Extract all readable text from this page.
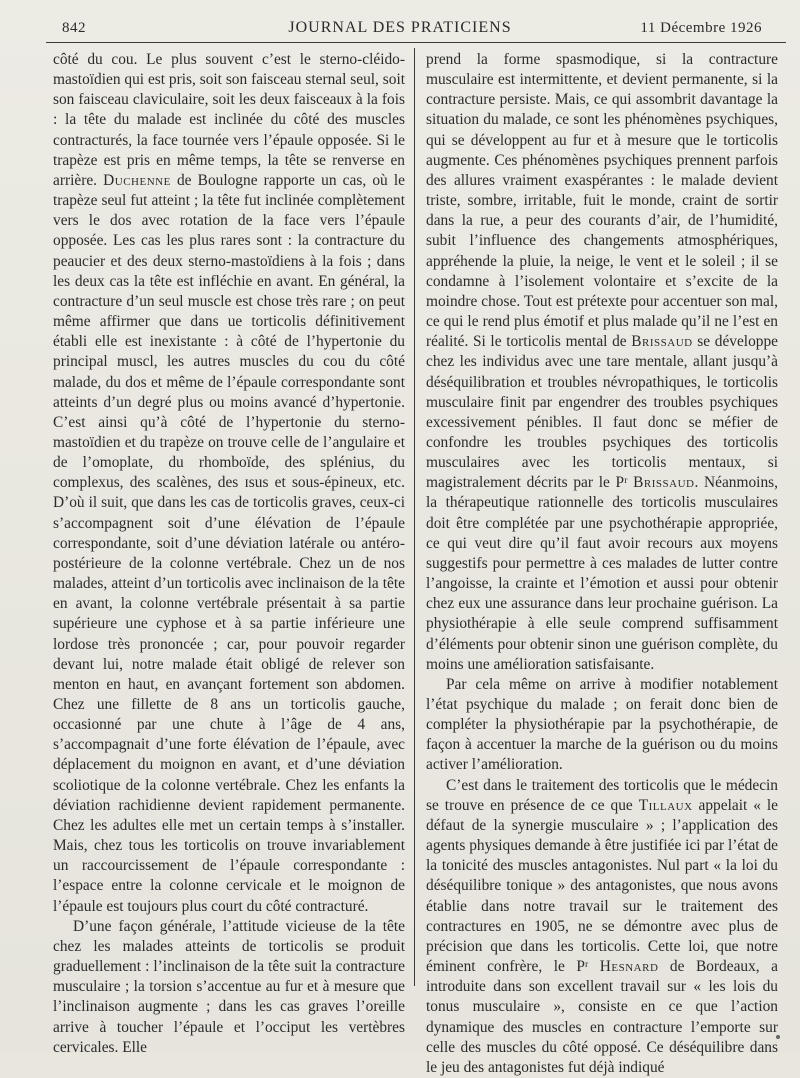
842	JOURNAL DES PRATICIENS	11 Décembre 1926

côté du cou. Le plus souvent c’est le sterno-cléido-mastoïdien qui est pris, soit son faisceau sternal seul, soit son faisceau claviculaire, soit les deux faisceaux à la fois : la tête du malade est inclinée du côté des muscles contracturés, la face tournée vers l’épaule opposée. Si le trapèze est pris en même temps, la tête se renverse en arrière. Duchenne de Boulogne rapporte un cas, où le trapèze seul fut atteint ; la tête fut inclinée complètement vers le dos avec rotation de la face vers l’épaule opposée. Les cas les plus rares sont : la contracture du peaucier et des deux sterno-mastoïdiens à la fois ; dans les deux cas la tête est infléchie en avant. En général, la contracture d’un seul muscle est chose très rare ; on peut même affirmer que dans ue torticolis définitivement établi elle est inexistante : à côté de l’hypertonie du principal muscl, les autres muscles du cou du côté malade, du dos et même de l’épaule correspondante sont atteints d’un degré plus ou moins avancé d’hypertonie. C’est ainsi qu’à côté de l’hypertonie du sterno-mastoïdien et du trapèze on trouve celle de l’angulaire et de l’omoplate, du rhomboïde, des splénius, du complexus, des scalènes, des ɪsus et sous-épineux, etc. D’où il suit, que dans les cas de torticolis graves, ceux-ci s’accompagnent soit d’une élévation de l’épaule correspondante, soit d’une déviation latérale ou antéro-postérieure de la colonne vertébrale. Chez un de nos malades, atteint d’un torticolis avec inclinaison de la tête en avant, la colonne vertébrale présentait à sa partie supérieure une cyphose et à sa partie inférieure une lordose très prononcée ; car, pour pouvoir regarder devant lui, notre malade était obligé de relever son menton en haut, en avançant fortement son abdomen. Chez une fillette de 8 ans un torticolis gauche, occasionné par une chute à l’âge de 4 ans, s’accompagnait d’une forte élévation de l’épaule, avec déplacement du moignon en avant, et d’une déviation scoliotique de la colonne vertébrale. Chez les enfants la déviation rachidienne devient rapidement permanente. Chez les adultes elle met un certain temps à s’installer. Mais, chez tous les torticolis on trouve invariablement un raccourcissement de l’épaule correspondante : l’espace entre la colonne cervicale et le moignon de l’épaule est toujours plus court du côté contracturé.

D’une façon générale, l’attitude vicieuse de la tête chez les malades atteints de torticolis se produit graduellement : l’inclinaison de la tête suit la contracture musculaire ; la torsion s’accentue au fur et à mesure que l’inclinaison augmente ; dans les cas graves l’oreille arrive à toucher l’épaule et l’occiput les vertèbres cervicales. Elle

prend la forme spasmodique, si la contracture musculaire est intermittente, et devient permanente, si la contracture persiste. Mais, ce qui assombrit davantage la situation du malade, ce sont les phénomènes psychiques, qui se développent au fur et à mesure que le torticolis augmente. Ces phénomènes psychiques prennent parfois des allures vraiment exaspérantes : le malade devient triste, sombre, irritable, fuit le monde, craint de sortir dans la rue, a peur des courants d’air, de l’humidité, subit l’influence des changements atmosphériques, appréhende la pluie, la neige, le vent et le soleil ; il se condamne à l’isolement volontaire et s’excite de la moindre chose. Tout est prétexte pour accentuer son mal, ce qui le rend plus émotif et plus malade qu’il ne l’est en réalité. Si le torticolis mental de Brissaud se développe chez les individus avec une tare mentale, allant jusqu’à déséquilibration et troubles névropathiques, le torticolis musculaire finit par engendrer des troubles psychiques excessivement pénibles. Il faut donc se méfier de confondre les troubles psychiques des torticolis musculaires avec les torticolis mentaux, si magistralement décrits par le Pʳ Brissaud. Néanmoins, la thérapeutique rationnelle des torticolis musculaires doit être complétée par une psychothérapie appropriée, ce qui veut dire qu’il faut avoir recours aux moyens suggestifs pour permettre à ces malades de lutter contre l’angoisse, la crainte et l’émotion et aussi pour obtenir chez eux une assurance dans leur prochaine guérison. La physiothérapie à elle seule comprend suffisamment d’éléments pour obtenir sinon une guérison complète, du moins une amélioration satisfaisante.

Par cela même on arrive à modifier notablement l’état psychique du malade ; on ferait donc bien de compléter la physiothérapie par la psychothérapie, de façon à accentuer la marche de la guérison ou du moins activer l’amélioration.

C’est dans le traitement des torticolis que le médecin se trouve en présence de ce que Tillaux appelait « le défaut de la synergie musculaire » ; l’application des agents physiques demande à être justifiée ici par l’état de la tonicité des muscles antagonistes. Nul part « la loi du déséquilibre tonique » des antagonistes, que nous avons établie dans notre travail sur le traitement des contractures en 1905, ne se démontre avec plus de précision que dans les torticolis. Cette loi, que notre éminent confrère, le Pʳ Hesnard de Bordeaux, a introduite dans son excellent travail sur « les lois du tonus musculaire », consiste en ce que l’action dynamique des muscles en contracture l’emporte sur celle des muscles du côté opposé. Ce déséquilibre dans le jeu des antagonistes fut déjà indiqué
